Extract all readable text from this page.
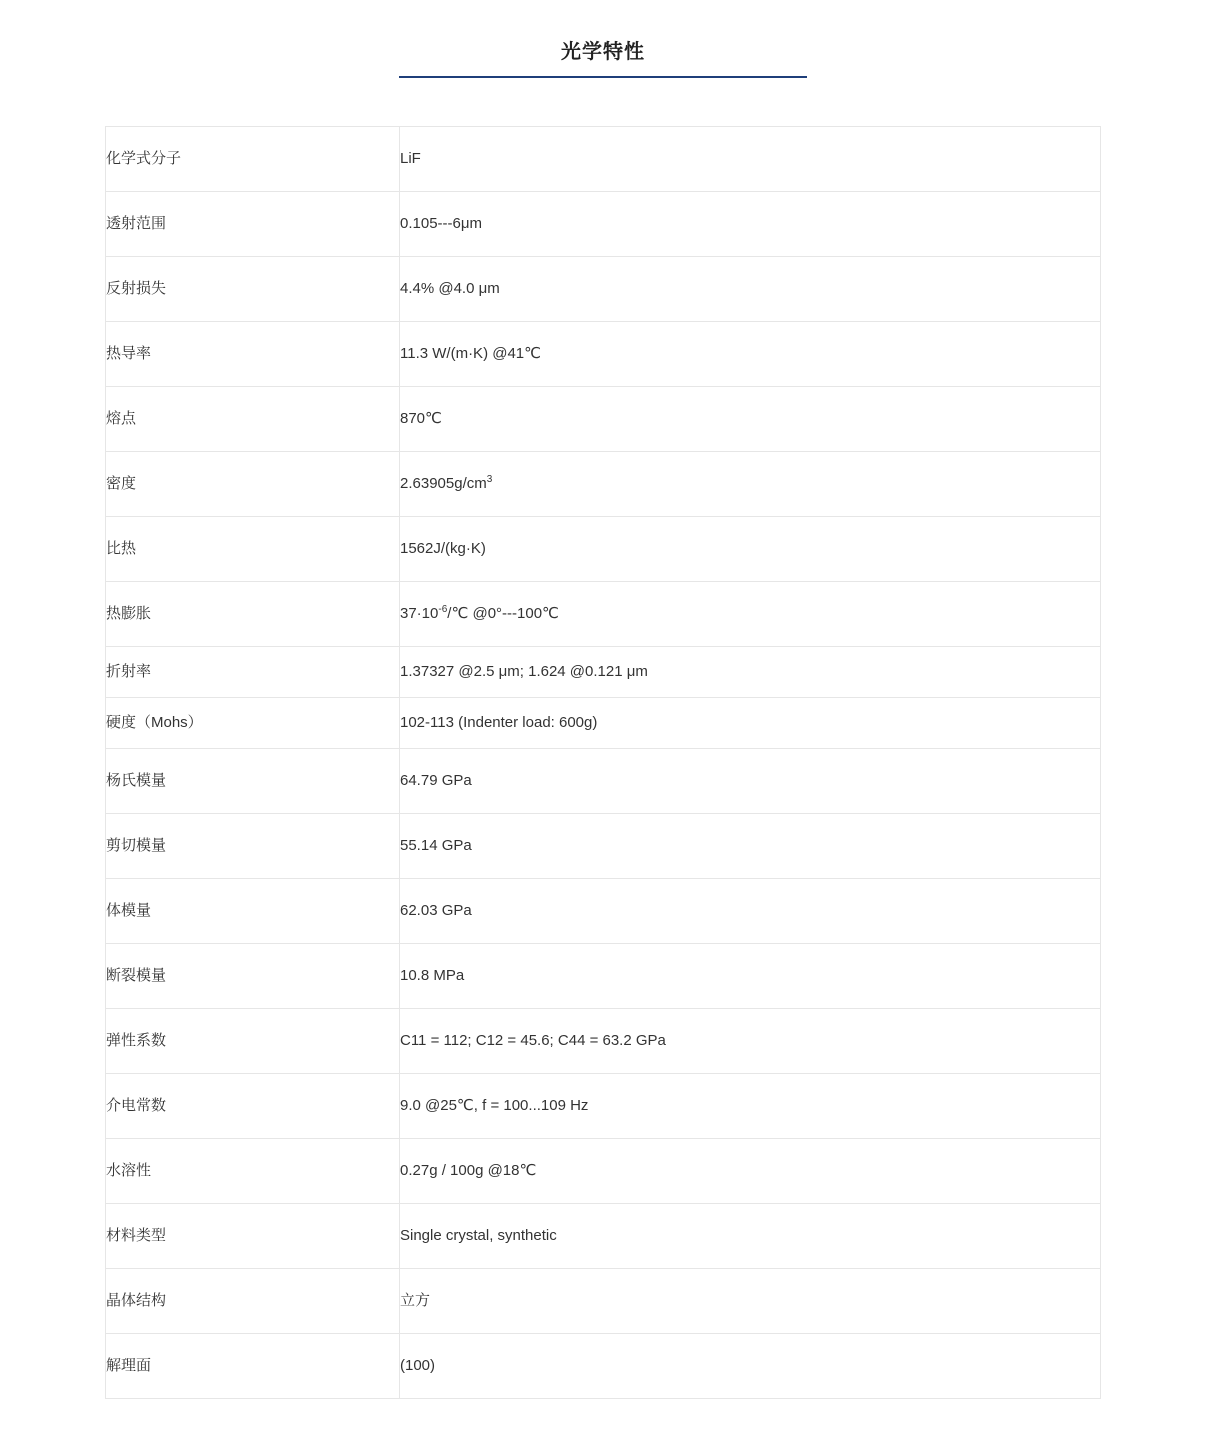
光学特性
化学式分子	LiF
透射范围	0.105---6μm
反射损失	4.4% @4.0 μm
热导率	11.3 W/(m·K) @41℃
熔点	870℃
密度	$2.63905g/cm^3$
比热	1562J/(kg·K)
热膨胀	$37\cdot 10^{-6}/℃$ @0°---100℃
折射率	1.37327 @2.5 μm; 1.624 @0.121 μm
硬度（Mohs）	102-113 (Indenter load: 600g)
杨氏模量	64.79 GPa
剪切模量	55.14 GPa
体模量	62.03 GPa
断裂模量	10.8 MPa
弹性系数	C11 = 112; C12 = 45.6; C44 = 63.2 GPa
介电常数	9.0 @25℃, f = 100...109 Hz
水溶性	0.27g / 100g @18℃
材料类型	Single crystal, synthetic
晶体结构	立方
解理面	(100)
